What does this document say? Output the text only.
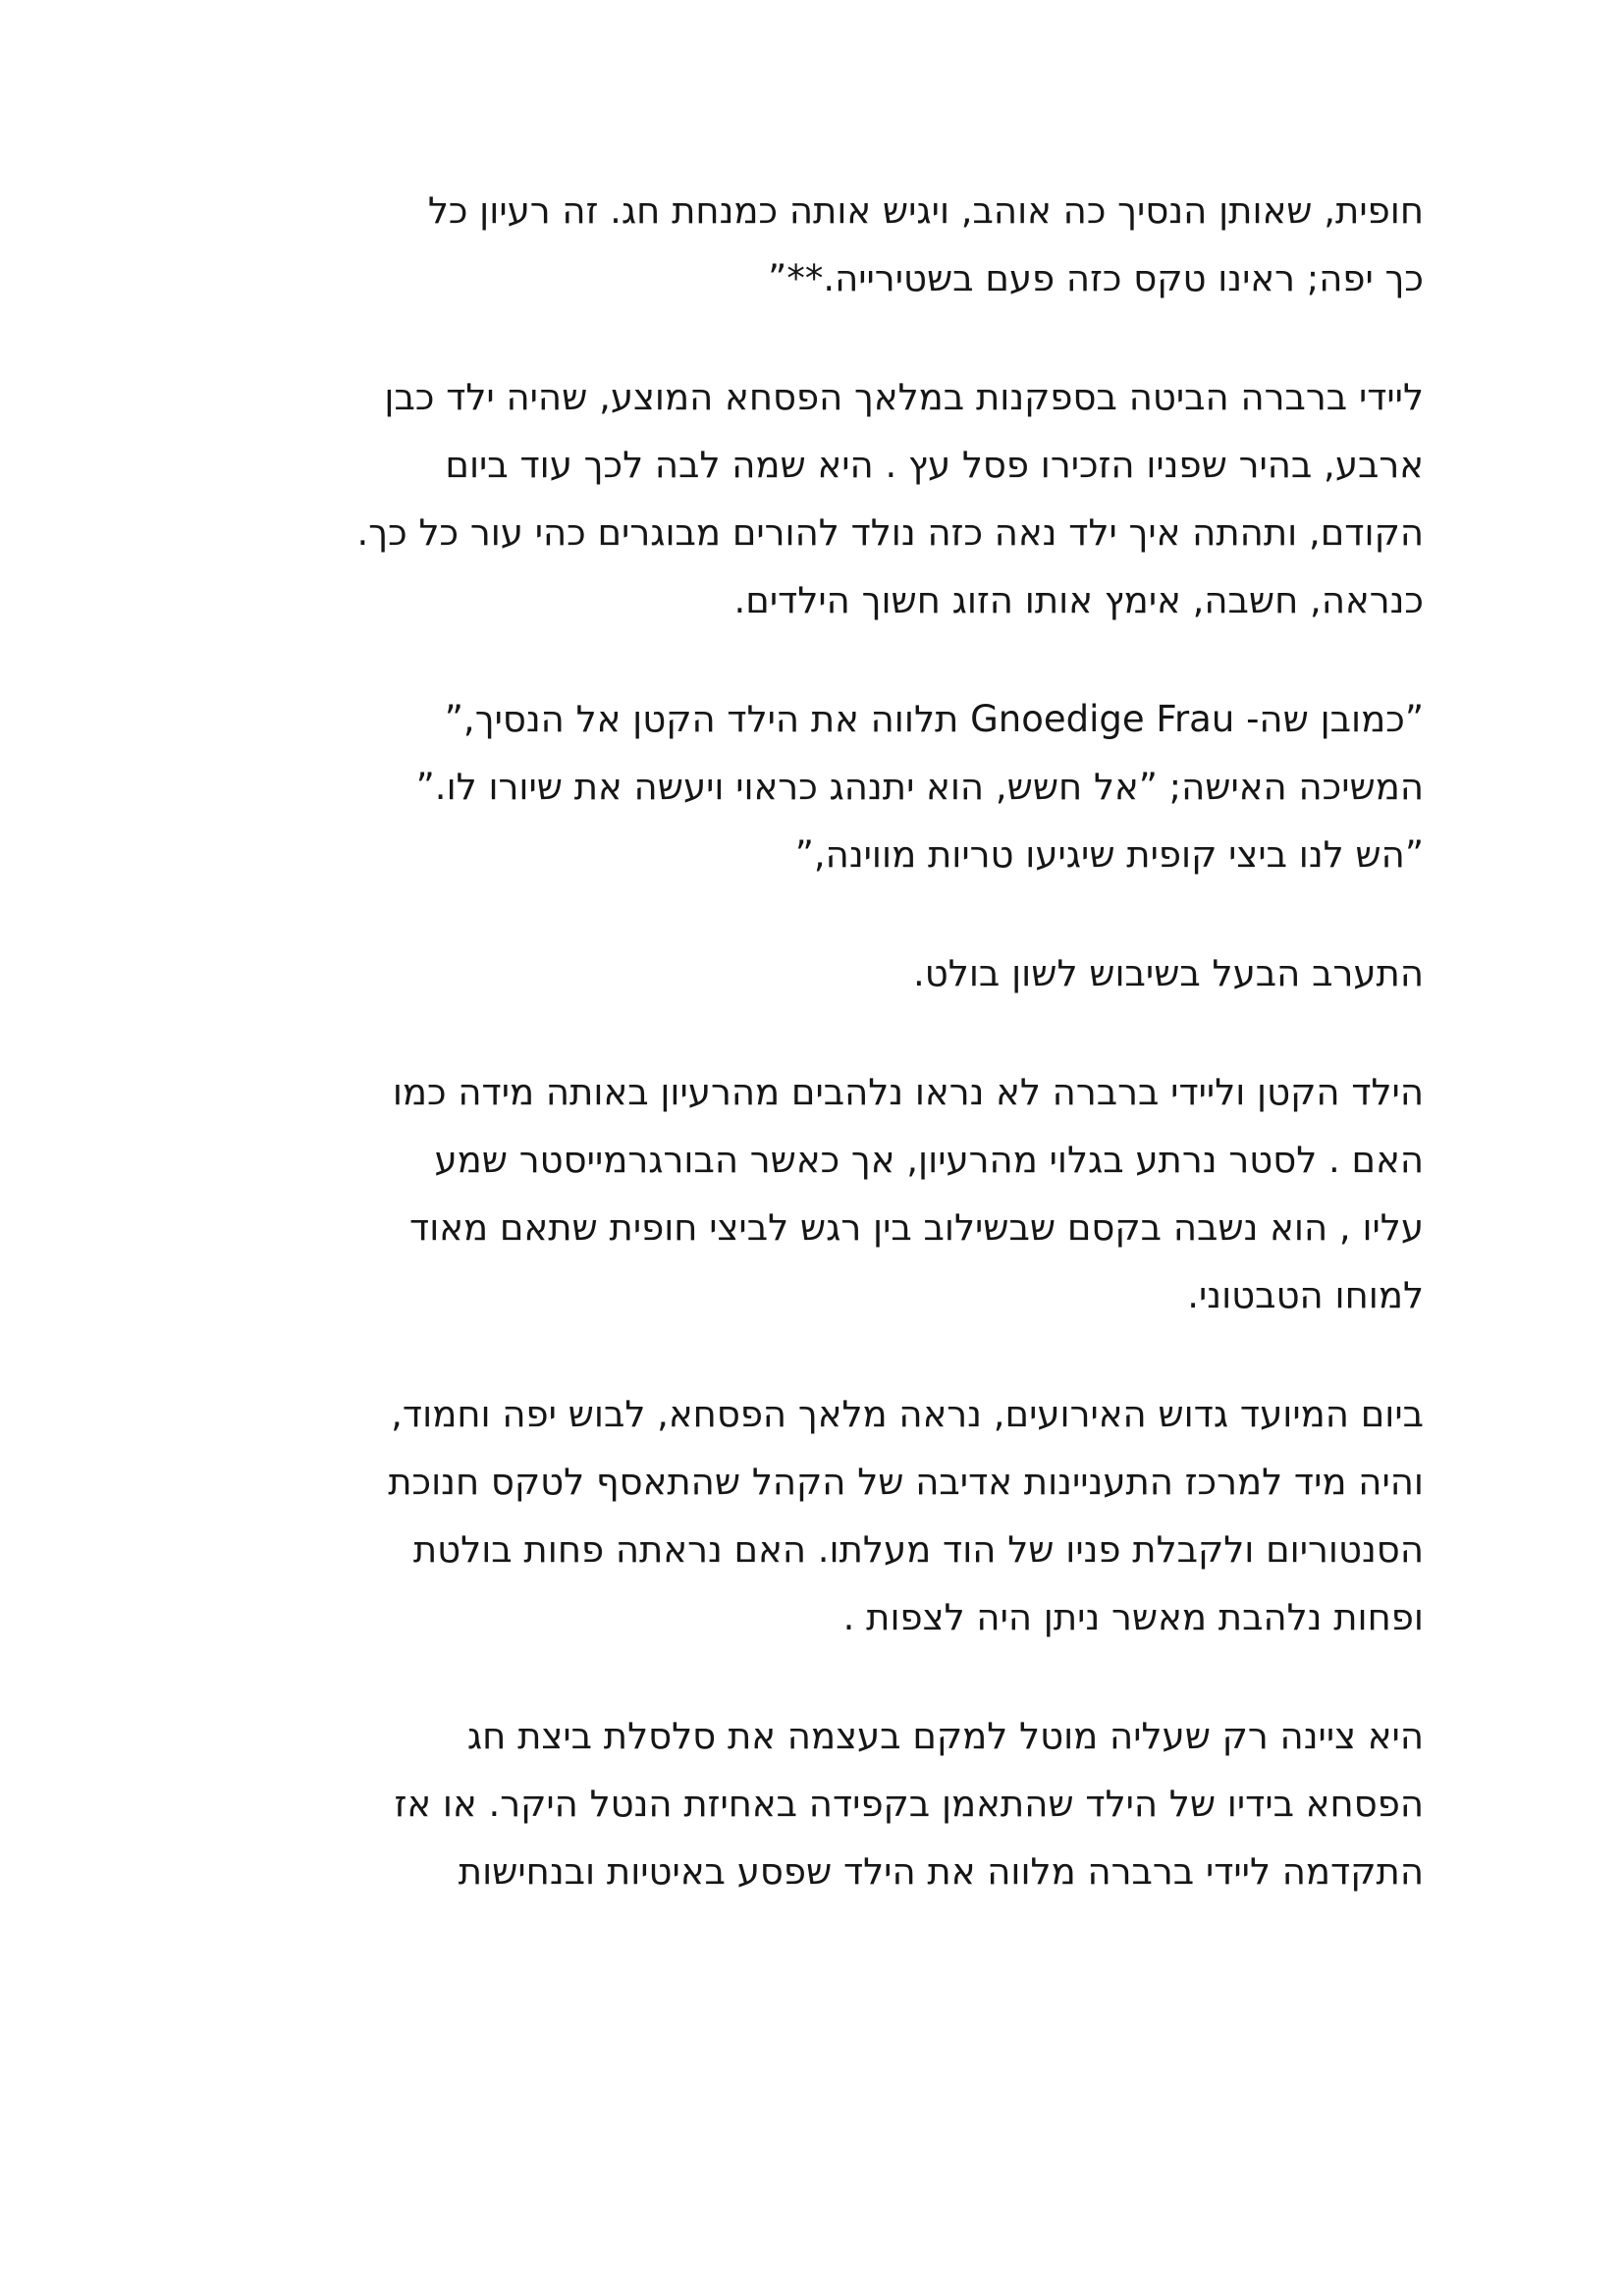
חופית, שאותן הנסיך כה אוהב, ויגיש אותה כמנחת חג. זה רעיון כל
כך יפה; ראינו טקס כזה פעם בשטירייה.**”

ליידי ברברה הביטה בספקנות במלאך הפסחא המוצע, שהיה ילד כבן
ארבע, בהיר שפניו הזכירו פסל עץ . היא שמה לבה לכך עוד ביום
הקודם, ותהתה איך ילד נאה כזה נולד להורים מבוגרים כהי עור כל כך.
כנראה, חשבה, אימץ אותו הזוג חשוך הילדים.

”כמובן שה- Gnoedige Frau תלווה את הילד הקטן אל הנסיך,”
המשיכה האישה; ”אל חשש, הוא יתנהג כראוי ויעשה את שיורו לו.”
”הש לנו ביצי קופית שיגיעו טריות מווינה,”

התערב הבעל בשיבוש לשון בולט.

הילד הקטן וליידי ברברה לא נראו נלהבים מהרעיון באותה מידה כמו
האם . לסטר נרתע בגלוי מהרעיון, אך כאשר הבורגרמייסטר שמע
עליו , הוא נשבה בקסם שבשילוב בין רגש לביצי חופית שתאם מאוד
למוחו הטבטוני.

ביום המיועד גדוש האירועים, נראה מלאך הפסחא, לבוש יפה וחמוד,
והיה מיד למרכז התעניינות אדיבה של הקהל שהתאסף לטקס חנוכת
הסנטוריום ולקבלת פניו של הוד מעלתו. האם נראתה פחות בולטת
ופחות נלהבת מאשר ניתן היה לצפות .

היא ציינה רק שעליה מוטל למקם בעצמה את סלסלת ביצת חג
הפסחא בידיו של הילד שהתאמן בקפידה באחיזת הנטל היקר. או אז
התקדמה ליידי ברברה מלווה את הילד שפסע באיטיות ובנחישות
